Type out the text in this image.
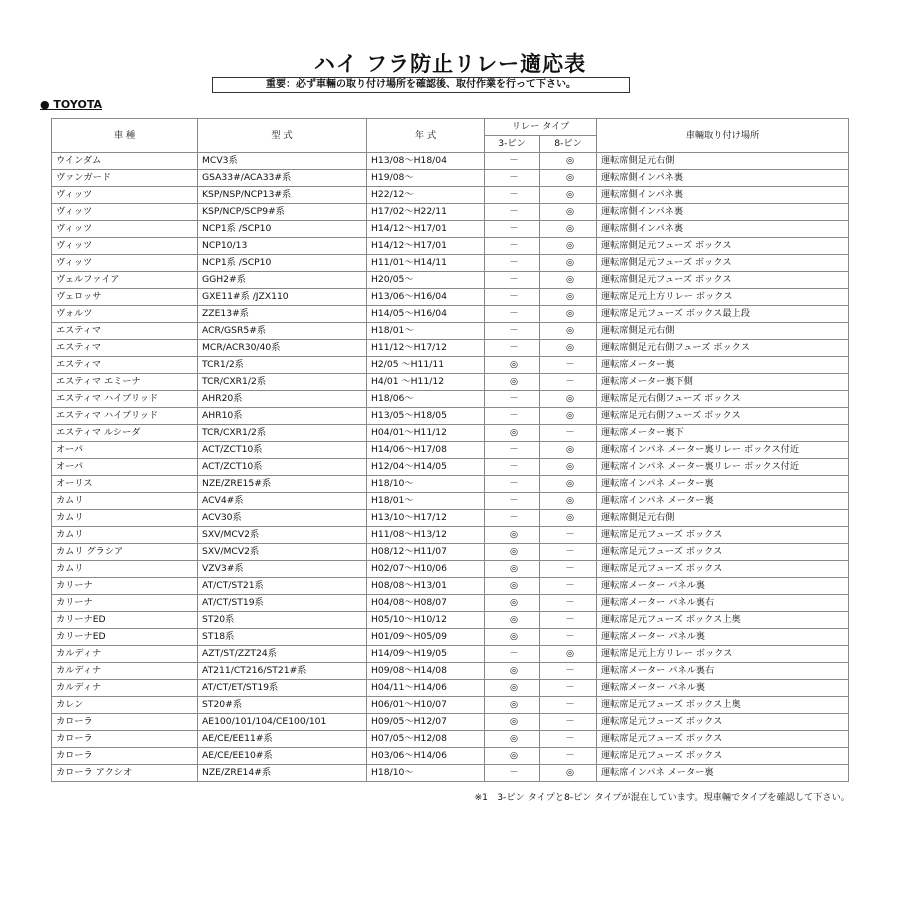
ハイ フラ防止リレー適応表
重要：必ず車輛の取り付け場所を確認後、取付作業を行って下さい。
● TOYOTA
車 種	型 式	年 式	リレー タイプ		車輛取り付け場所
			3-ピン	8-ピン	
ウインダム	MCV3系	H13/08～H18/04	－	◎	運転席側足元右側
ヴァンガード	GSA33#/ACA33#系	H19/08～	－	◎	運転席側インパネ裏
ヴィッツ	KSP/NSP/NCP13#系	H22/12～	－	◎	運転席側インパネ裏
ヴィッツ	KSP/NCP/SCP9#系	H17/02～H22/11	－	◎	運転席側インパネ裏
ヴィッツ	NCP1系 /SCP10	H14/12～H17/01	－	◎	運転席側インパネ裏
ヴィッツ	NCP10/13	H14/12～H17/01	－	◎	運転席側足元フューズ ボックス
ヴィッツ	NCP1系 /SCP10	H11/01～H14/11	－	◎	運転席側足元フューズ ボックス
ヴェルファイア	GGH2#系	H20/05～	－	◎	運転席側足元フューズ ボックス
ヴェロッサ	GXE11#系 /JZX110	H13/06～H16/04	－	◎	運転席足元上方リレー ボックス
ヴォルツ	ZZE13#系	H14/05～H16/04	－	◎	運転席足元フューズ ボックス最上段
エスティマ	ACR/GSR5#系	H18/01～	－	◎	運転席側足元右側
エスティマ	MCR/ACR30/40系	H11/12～H17/12	－	◎	運転席側足元右側フューズ ボックス
エスティマ	TCR1/2系	H2/05 ～H11/11	◎	－	運転席メーター裏
エスティマ エミーナ	TCR/CXR1/2系	H4/01 ～H11/12	◎	－	運転席メーター裏下側
エスティマ ハイブリッド	AHR20系	H18/06～	－	◎	運転席足元右側フューズ ボックス
エスティマ ハイブリッド	AHR10系	H13/05～H18/05	－	◎	運転席足元右側フューズ ボックス
エスティマ ルシーダ	TCR/CXR1/2系	H04/01～H11/12	◎	－	運転席メーター裏下
オーパ	ACT/ZCT10系	H14/06～H17/08	－	◎	運転席インパネ メーター裏リレー ボックス付近
オーパ	ACT/ZCT10系	H12/04～H14/05	－	◎	運転席インパネ メーター裏リレー ボックス付近
オーリス	NZE/ZRE15#系	H18/10～	－	◎	運転席インパネ メーター裏
カムリ	ACV4#系	H18/01～	－	◎	運転席インパネ メーター裏
カムリ	ACV30系	H13/10～H17/12	－	◎	運転席側足元右側
カムリ	SXV/MCV2系	H11/08～H13/12	◎	－	運転席足元フューズ ボックス
カムリ グラシア	SXV/MCV2系	H08/12～H11/07	◎	－	運転席足元フューズ ボックス
カムリ	VZV3#系	H02/07～H10/06	◎	－	運転席足元フューズ ボックス
カリーナ	AT/CT/ST21系	H08/08～H13/01	◎	－	運転席メーター パネル裏
カリーナ	AT/CT/ST19系	H04/08～H08/07	◎	－	運転席メーター パネル裏右
カリーナED	ST20系	H05/10～H10/12	◎	－	運転席足元フューズ ボックス上奥
カリーナED	ST18系	H01/09～H05/09	◎	－	運転席メーター パネル裏
カルディナ	AZT/ST/ZZT24系	H14/09～H19/05	－	◎	運転席足元上方リレー ボックス
カルディナ	AT211/CT216/ST21#系	H09/08～H14/08	◎	－	運転席メーター パネル裏右
カルディナ	AT/CT/ET/ST19系	H04/11～H14/06	◎	－	運転席メーター パネル裏
カレン	ST20#系	H06/01～H10/07	◎	－	運転席足元フューズ ボックス上奥
カローラ	AE100/101/104/CE100/101	H09/05～H12/07	◎	－	運転席足元フューズ ボックス
カローラ	AE/CE/EE11#系	H07/05～H12/08	◎	－	運転席足元フューズ ボックス
カローラ	AE/CE/EE10#系	H03/06～H14/06	◎	－	運転席足元フューズ ボックス
カローラ アクシオ	NZE/ZRE14#系	H18/10～	－	◎	運転席インパネ メーター裏
※1　3-ピン タイプと8-ピン タイプが混在しています。現車輛でタイプを確認して下さい。
